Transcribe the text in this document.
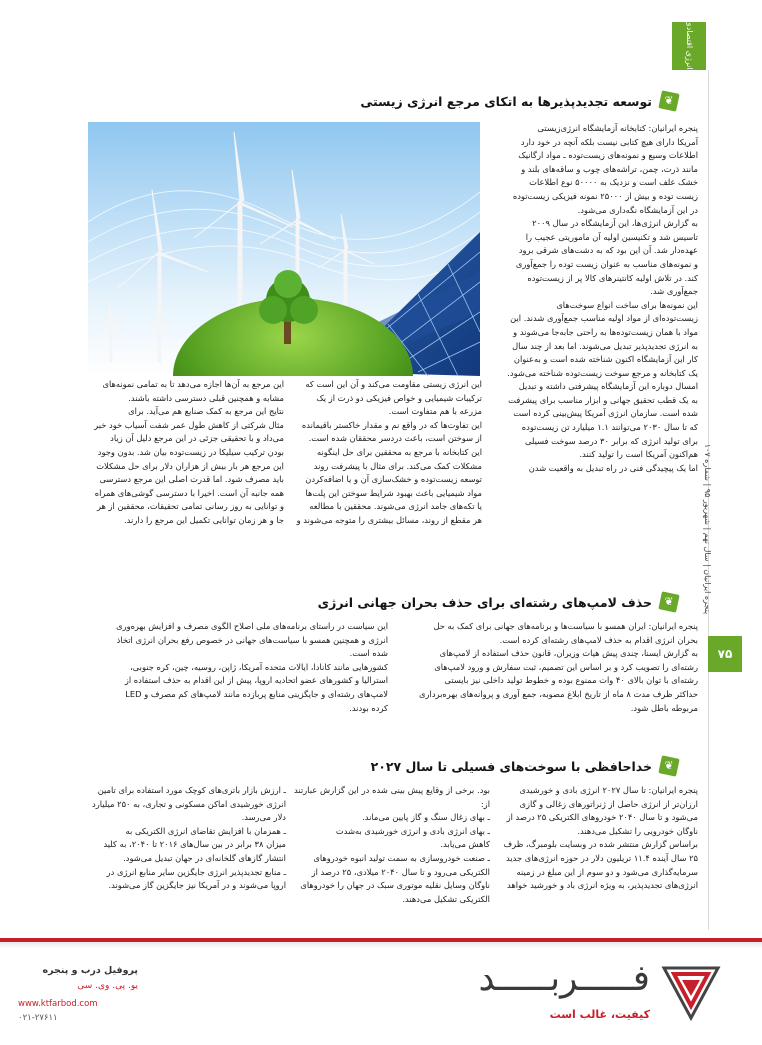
انرژی اقتصادی
پنجره ایرانیان | سال نهم | شهریور ۹۵ | شماره ۱۰۷
۷۵
❦
توسعه تجدیدپذیرها به اتکای مرجع انرژی زیستی
پنجره ایرانیان: کتابخانه آزمایشگاه انرژی‌زیستی
آمریکا دارای هیچ کتابی نیست بلکه آنچه در خود دارد
اطلاعات وسیع و نمونه‌های زیست‌توده ـ مواد ارگانیک
مانند ذرت، چمن، تراشه‌های چوب و ساقه‌های بلند و
خشک علف است و نزدیک به ۵۰۰۰۰ نوع اطلاعات
زیست توده و بیش از ۲۵۰۰۰ نمونه فیزیکی زیست‌توده
در این آزمایشگاه نگه‌داری می‌شود.
به گزارش انرژی‌ها، این آزمایشگاه در سال ۲۰۰۹
تاسیس شد و تکنیسین اولیه آن ماموریتی عجیب را
عهده‌دار شد. آن این بود که به دشت‌های شرقی برود
و نمونه‌های مناسب به عنوان زیست توده را جمع‌آوری
کند. در تلاش اولیه کانتینرهای کالا پر از زیست‌توده
جمع‌آوری شد.
این نمونه‌ها برای ساخت انواع سوخت‌های
زیست‌توده‌ای از مواد اولیه مناسب جمع‌آوری شدند. این
مواد با همان زیست‌توده‌ها به راحتی جابه‌جا می‌شوند و
به انرژی تجدیدپذیر تبدیل می‌شوند. اما بعد از چند سال
کار این آزمایشگاه اکنون شناخته شده است و به‌عنوان
یک کتابخانه و مرجع سوخت زیست‌توده شناخته می‌شود.
امسال دوباره این آزمایشگاه پیشرفتی داشته و تبدیل
به یک قطب تحقیق جهانی و ابزار مناسب برای پیشرفت
شده است. سازمان انرژی آمریکا پیش‌بینی کرده است
که تا سال ۲۰۳۰ می‌توانند ۱.۱ میلیارد تن زیست‌توده
برای تولید انرژی که برابر ۳۰ درصد سوخت فسیلی
هم‌اکنون آمریکا است را تولید کنند.
اما یک پیچیدگی فنی در راه تبدیل به واقعیت شدن
این انرژی زیستی مقاومت می‌کند و آن این است که
ترکیبات شیمیایی و خواص فیزیکی دو ذرت از یک
مزرعه با هم متفاوت است.
این تفاوت‌ها که در واقع نم و مقدار خاکستر باقیمانده
از سوختن است، باعث دردسر محققان شده است.
این کتابخانه با مرجع به محققین برای حل اینگونه
مشکلات کمک می‌کند. برای مثال با پیشرفت روند
توسعه زیست‌توده و خشک‌سازی آن و یا اضافه‌کردن
مواد شیمیایی باعث بهبود شرایط سوختن این پلت‌ها
یا تکه‌های جامد انرژی می‌شوند. محققین با مطالعه
هر مقطع از روند، مسائل بیشتری را متوجه می‌شوند و
این مرجع به آن‌ها اجازه می‌دهد تا به تمامی نمونه‌های
مشابه و همچنین قبلی دسترسی داشته باشند.
نتایج این مرجع به کمک صنایع هم می‌آید. برای
مثال شرکتی از کاهش طول عمر شفت آسیاب خود خبر
می‌داد و با تحقیقی جزئی در این مرجع دلیل آن زیاد
بودن ترکیب سیلیکا در زیست‌توده بیان شد. بدون وجود
این مرجع هر بار بیش از هزاران دلار برای حل مشکلات
باید مصرف شود. اما قدرت اصلی این مرجع دسترسی
همه جانبه آن است. اخیرا با دسترسی گوشی‌های همراه
و توانایی به روز رسانی تمامی تحقیقات، محققین از هر
جا و هر زمان توانایی تکمیل این مرجع را دارند.
❦
حذف لامپ‌های رشته‌ای برای حذف بحران جهانی انرژی
پنجره ایرانیان: ایران همسو با سیاست‌ها و برنامه‌های جهانی برای کمک به حل
بحران انرژی اقدام به حذف لامپ‌های رشته‌ای کرده است.
به گزارش ایسنا، چندی پیش هیات وزیران، قانون حذف استفاده از لامپ‌های
رشته‌ای را تصویب کرد و بر اساس این تصمیم، ثبت سفارش و ورود لامپ‌های
رشته‌ای با توان بالای ۴۰ وات ممنوع بوده و خطوط تولید داخلی نیز بایستی
حداکثر ظرف مدت ۸ ماه از تاریخ ابلاغ مصوبه، جمع آوری و پروانه‌های بهره‌برداری
مربوطه باطل شود.
این سیاست در راستای برنامه‌های ملی اصلاح الگوی مصرف و افزایش بهره‌وری
انرژی و همچنین همسو با سیاست‌های جهانی در خصوص رفع بحران انرژی اتخاذ
شده است.
کشورهایی مانند کانادا، ایالات متحده آمریکا، ژاپن، روسیه، چین، کره جنوبی،
استرالیا و کشورهای عضو اتحادیه اروپا، پیش از این اقدام به حذف استفاده از
لامپ‌های رشته‌ای و جایگزینی منابع پربازده مانند لامپ‌های کم مصرف و LED
کرده بودند.
❦
خداحافظی با سوخت‌های فسیلی تا سال ۲۰۲۷
پنجره ایرانیان: تا سال ۲۰۲۷ انرژی بادی و خورشیدی
ارزان‌تر از انرژی حاصل از ژنراتورهای زغالی و گازی
می‌شود و تا سال ۲۰۴۰ خودروهای الکتریکی ۲۵ درصد از
ناوگان خودرویی را تشکیل می‌دهند.
براساس گزارش منتشر شده در وبسایت بلومبرگ، ظرف
۲۵ سال آینده ۱۱.۴ تریلیون دلار در حوزه انرژی‌های جدید
سرمایه‌گذاری می‌شود و دو سوم از این مبلغ در زمینه
انرژی‌های تجدیدپذیر، به ویژه انرژی باد و خورشید خواهد
بود. برخی از وقایع پیش بینی شده در این گزارش عبارتند از:
ـ بهای زغال سنگ و گاز پایین می‌ماند.
ـ بهای انرژی بادی و انرژی خورشیدی به‌شدت
کاهش می‌یابد.
ـ صنعت خودروسازی به سمت تولید انبوه خودروهای
الکتریکی می‌رود و تا سال ۲۰۴۰ میلادی، ۲۵ درصد از
ناوگان وسایل نقلیه موتوری سبک در جهان را خودروهای
الکتریکی تشکیل می‌دهند.
ـ ارزش بازار باتری‌های کوچک مورد استفاده برای تامین
انرژی خورشیدی اماکن مسکونی و تجاری، به ۲۵۰ میلیارد
دلار می‌رسد.
ـ همزمان با افزایش تقاضای انرژی الکتریکی به
میزان ۳۸ برابر در بین سال‌های ۲۰۱۶ تا ۲۰۴۰، به کلید
انتشار گازهای گلخانه‌ای در جهان تبدیل می‌شود.
ـ منابع تجدیدپذیر انرژی جایگزین سایر منابع انرژی در
اروپا می‌شوند و در آمریکا نیز جایگزین گاز می‌شوند.
فـــــربـــــد
کیفیت، غالب است
پروفیل درب و پنجره
یو. پی. وی. سی
www.ktfarbod.com
۰۲۱-۲۷۶۱۱
